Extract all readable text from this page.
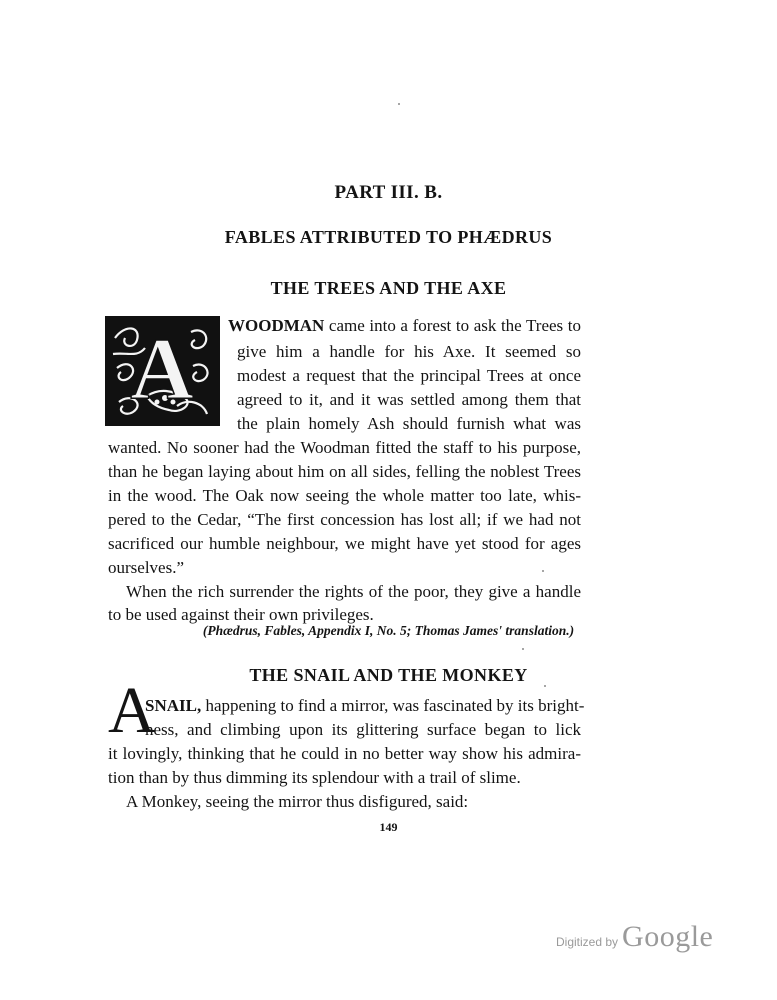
PART III. B.
FABLES ATTRIBUTED TO PHÆDRUS
THE TREES AND THE AXE
A WOODMAN came into a forest to ask the Trees to
give him a handle for his Axe. It seemed so
modest a request that the principal Trees at once
agreed to it, and it was settled among them that
the plain homely Ash should furnish what was
wanted. No sooner had the Woodman fitted the staff to his purpose,
than he began laying about him on all sides, felling the noblest Trees
in the wood. The Oak now seeing the whole matter too late, whis-
pered to the Cedar, “The first concession has lost all; if we had not
sacrificed our humble neighbour, we might have yet stood for ages
ourselves.”
When the rich surrender the rights of the poor, they give a handle
to be used against their own privileges.
(Phædrus, Fables, Appendix I, No. 5; Thomas James' translation.)
THE SNAIL AND THE MONKEY
A
SNAIL, happening to find a mirror, was fascinated by its bright-
ness, and climbing upon its glittering surface began to lick
it lovingly, thinking that he could in no better way show his admira-
tion than by thus dimming its splendour with a trail of slime.
A Monkey, seeing the mirror thus disfigured, said:
149
Digitized by Google
